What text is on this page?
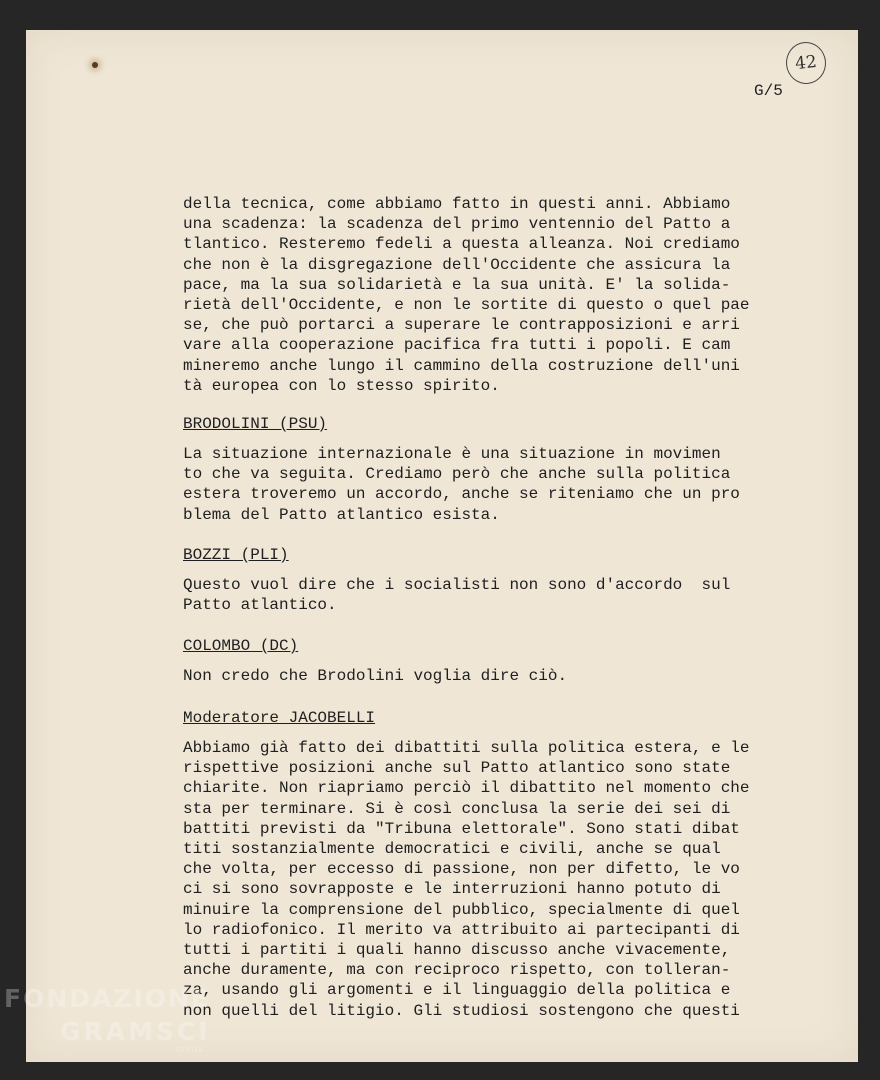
42
G/5
della tecnica, come abbiamo fatto in questi anni. Abbiamo
una scadenza: la scadenza del primo ventennio del Patto a
tlantico. Resteremo fedeli a questa alleanza. Noi crediamo
che non è la disgregazione dell'Occidente che assicura la
pace, ma la sua solidarietà e la sua unità. E' la solida-
rietà dell'Occidente, e non le sortite di questo o quel pae
se, che può portarci a superare le contrapposizioni e arri
vare alla cooperazione pacifica fra tutti i popoli. E cam
mineremo anche lungo il cammino della costruzione dell'uni
tà europea con lo stesso spirito.
BRODOLINI (PSU)
La situazione internazionale è una situazione in movimen
to che va seguita. Crediamo però che anche sulla politica
estera troveremo un accordo, anche se riteniamo che un pro
blema del Patto atlantico esista.
BOZZI (PLI)
Questo vuol dire che i socialisti non sono d'accordo  sul
Patto atlantico.
COLOMBO (DC)
Non credo che Brodolini voglia dire ciò.
Moderatore JACOBELLI
Abbiamo già fatto dei dibattiti sulla politica estera, e le
rispettive posizioni anche sul Patto atlantico sono state
chiarite. Non riapriamo perciò il dibattito nel momento che
sta per terminare. Si è così conclusa la serie dei sei di
battiti previsti da "Tribuna elettorale". Sono stati dibat
titi sostanzialmente democratici e civili, anche se qual
che volta, per eccesso di passione, non per difetto, le vo
ci si sono sovrapposte e le interruzioni hanno potuto di
minuire la comprensione del pubblico, specialmente di quel
lo radiofonico. Il merito va attribuito ai partecipanti di
tutti i partiti i quali hanno discusso anche vivacemente,
anche duramente, ma con reciproco rispetto, con tolleran-
za, usando gli argomenti e il linguaggio della politica e
non quelli del litigio. Gli studiosi sostengono che questi
FONDAZIONE
GRAMSCI
onlus
